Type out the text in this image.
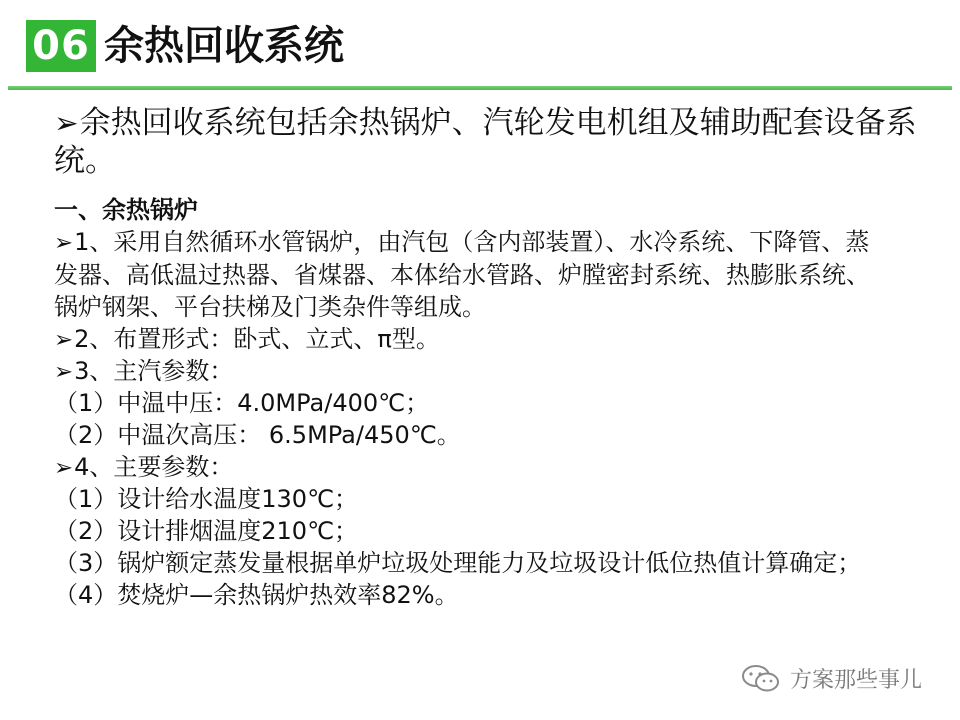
06 余热回收系统
➢余热回收系统包括余热锅炉、汽轮发电机组及辅助配套设备系统。
一、余热锅炉
➢1、采用自然循环水管锅炉，由汽包（含内部装置）、水冷系统、下降管、蒸发器、高低温过热器、省煤器、本体给水管路、炉膛密封系统、热膨胀系统、锅炉钢架、平台扶梯及门类杂件等组成。
➢2、布置形式：卧式、立式、π型。
➢3、主汽参数：
（1）中温中压：4.0MPa/400℃；
（2）中温次高压： 6.5MPa/450℃。
➢4、主要参数：
（1）设计给水温度130℃；
（2）设计排烟温度210℃；
（3）锅炉额定蒸发量根据单炉垃圾处理能力及垃圾设计低位热值计算确定；
（4）焚烧炉—余热锅炉热效率82%。
方案那些事儿
